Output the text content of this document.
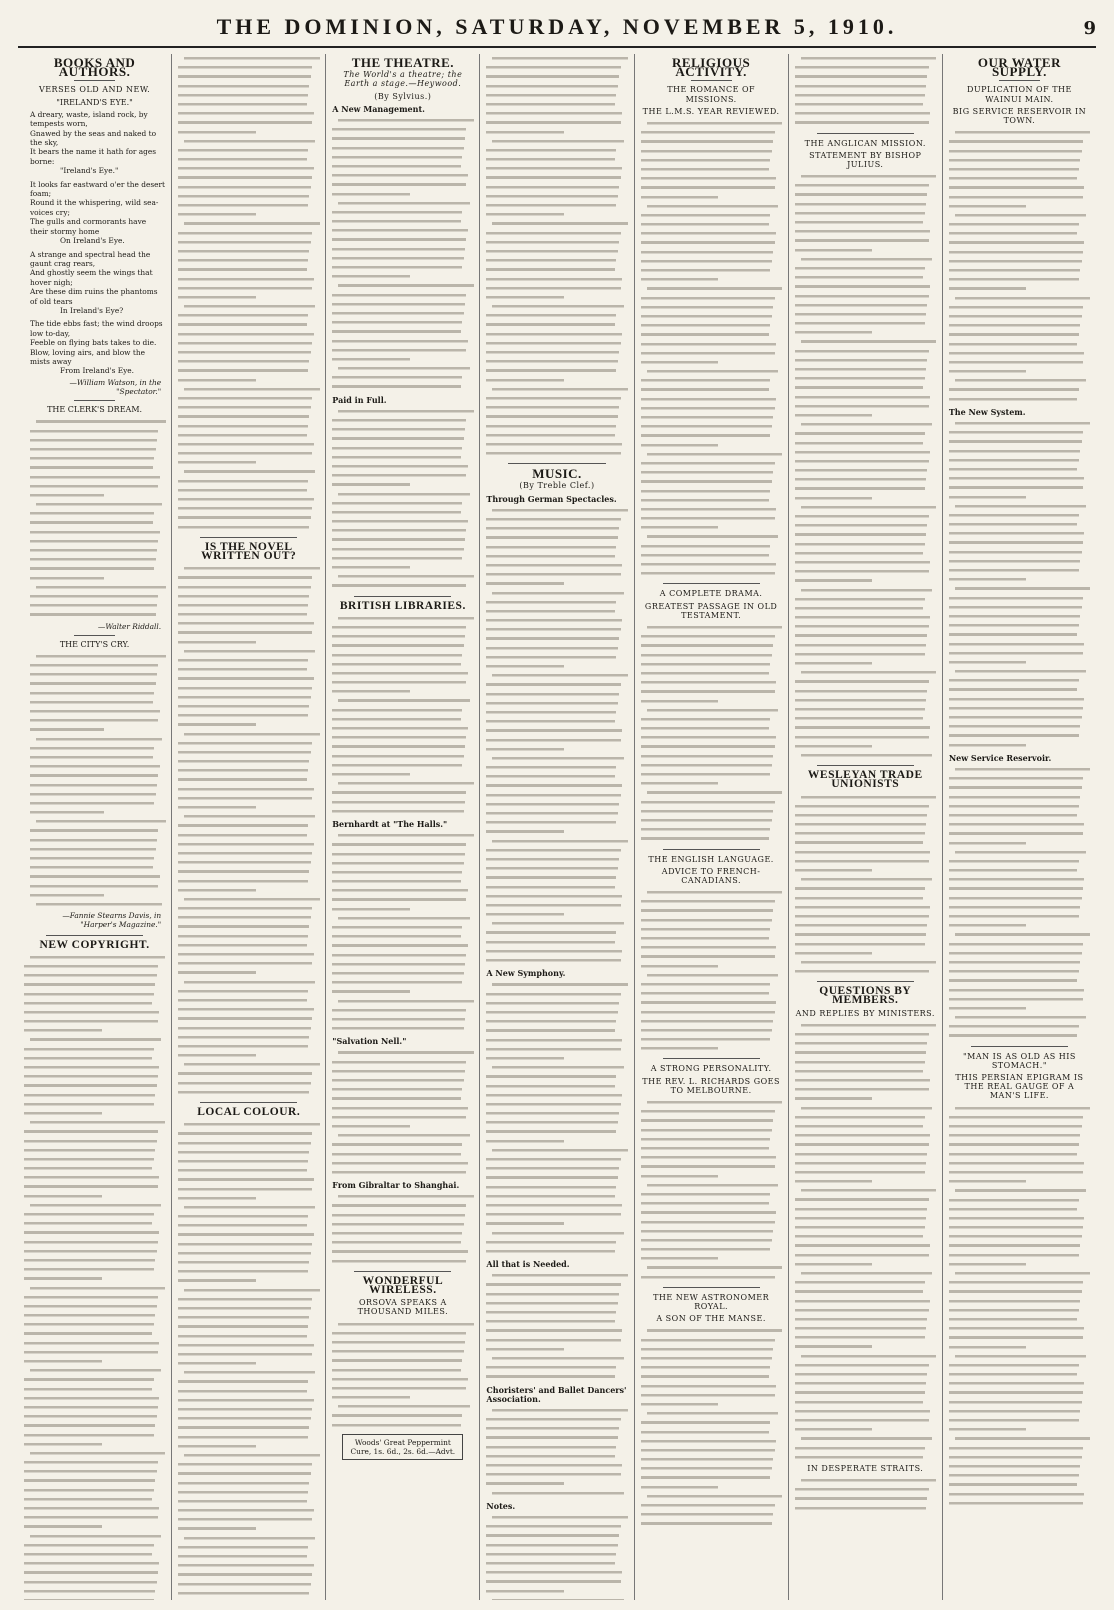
THE DOMINION, SATURDAY, NOVEMBER 5, 1910.	9
BOOKS AND AUTHORS.
VERSES OLD AND NEW.
"IRELAND'S EYE."
A dreary, waste, island rock, by tempests worn,
Gnawed by the seas and naked to the sky,
It bears the name it hath for ages borne:
"Ireland's Eye."
It looks far eastward o'er the desert foam;
Round it the whispering, wild sea-voices cry;
The gulls and cormorants have their stormy home
On Ireland's Eye.
A strange and spectral head the gaunt crag rears,
And ghostly seem the wings that hover nigh;
Are these dim ruins the phantoms of old tears
In Ireland's Eye?
The tide ebbs fast; the wind droops low to-day,
Feeble on flying bats takes to die.
Blow, loving airs, and blow the mists away
From Ireland's Eye.
—William Watson, in the "Spectator."
THE CLERK'S DREAM.
—Walter Riddall.
THE CITY'S CRY.
—Fannie Stearns Davis, in "Harper's Magazine."
NEW COPYRIGHT.
IS THE NOVEL WRITTEN OUT?
LOCAL COLOUR.
THE THEATRE.
The World's a theatre; the Earth a stage.—Heywood.
(By Sylvius.)
A New Management.
Paid in Full.
BRITISH LIBRARIES.
Bernhardt at "The Halls."
"Salvation Nell."
From Gibraltar to Shanghai.
WONDERFUL WIRELESS.
ORSOVA SPEAKS A THOUSAND MILES.
Woods' Great Peppermint Cure, 1s. 6d., 2s. 6d.—Advt.
MUSIC.
(By Treble Clef.)
Through German Spectacles.
A New Symphony.
All that is Needed.
Choristers' and Ballet Dancers' Association.
Notes.
RELIGIOUS ACTIVITY.
THE ROMANCE OF MISSIONS.
THE L.M.S. YEAR REVIEWED.
A COMPLETE DRAMA.
GREATEST PASSAGE IN OLD TESTAMENT.
THE ENGLISH LANGUAGE.
ADVICE TO FRENCH-CANADIANS.
A STRONG PERSONALITY.
THE REV. L. RICHARDS GOES TO MELBOURNE.
THE NEW ASTRONOMER ROYAL.
A SON OF THE MANSE.
THE ANGLICAN MISSION.
STATEMENT BY BISHOP JULIUS.
WESLEYAN TRADE UNIONISTS
QUESTIONS BY MEMBERS.
AND REPLIES BY MINISTERS.
IN DESPERATE STRAITS.
OUR WATER SUPPLY.
DUPLICATION OF THE WAINUI MAIN.
BIG SERVICE RESERVOIR IN TOWN.
The New System.
New Service Reservoir.
"MAN IS AS OLD AS HIS STOMACH."
THIS PERSIAN EPIGRAM IS THE REAL GAUGE OF A MAN'S LIFE.
